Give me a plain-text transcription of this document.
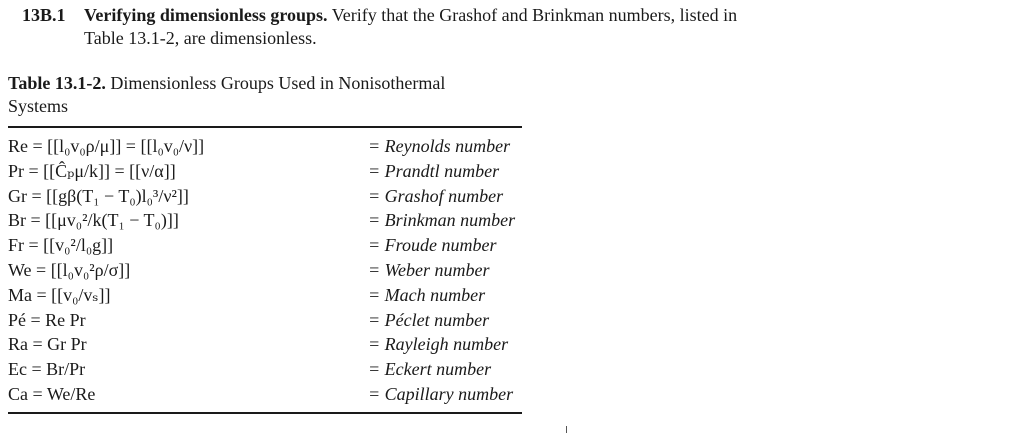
13B.1 Verifying dimensionless groups. Verify that the Grashof and Brinkman numbers, listed in
Table 13.1-2, are dimensionless.
Table 13.1-2. Dimensionless Groups Used in Nonisothermal
Systems
Re = [[l₀v₀ρ/μ]] = [[l₀v₀/ν]]	= Reynolds number
Pr = [[Ĉₚμ/k]] = [[ν/α]]	= Prandtl number
Gr = [[gβ(T₁ − T₀)l₀³/ν²]]	= Grashof number
Br = [[μv₀²/k(T₁ − T₀)]]	= Brinkman number
Fr = [[v₀²/l₀g]]	= Froude number
We = [[l₀v₀²ρ/σ]]	= Weber number
Ma = [[v₀/vₛ]]	= Mach number
Pé = Re Pr	= Péclet number
Ra = Gr Pr	= Rayleigh number
Ec = Br/Pr	= Eckert number
Ca = We/Re	= Capillary number
